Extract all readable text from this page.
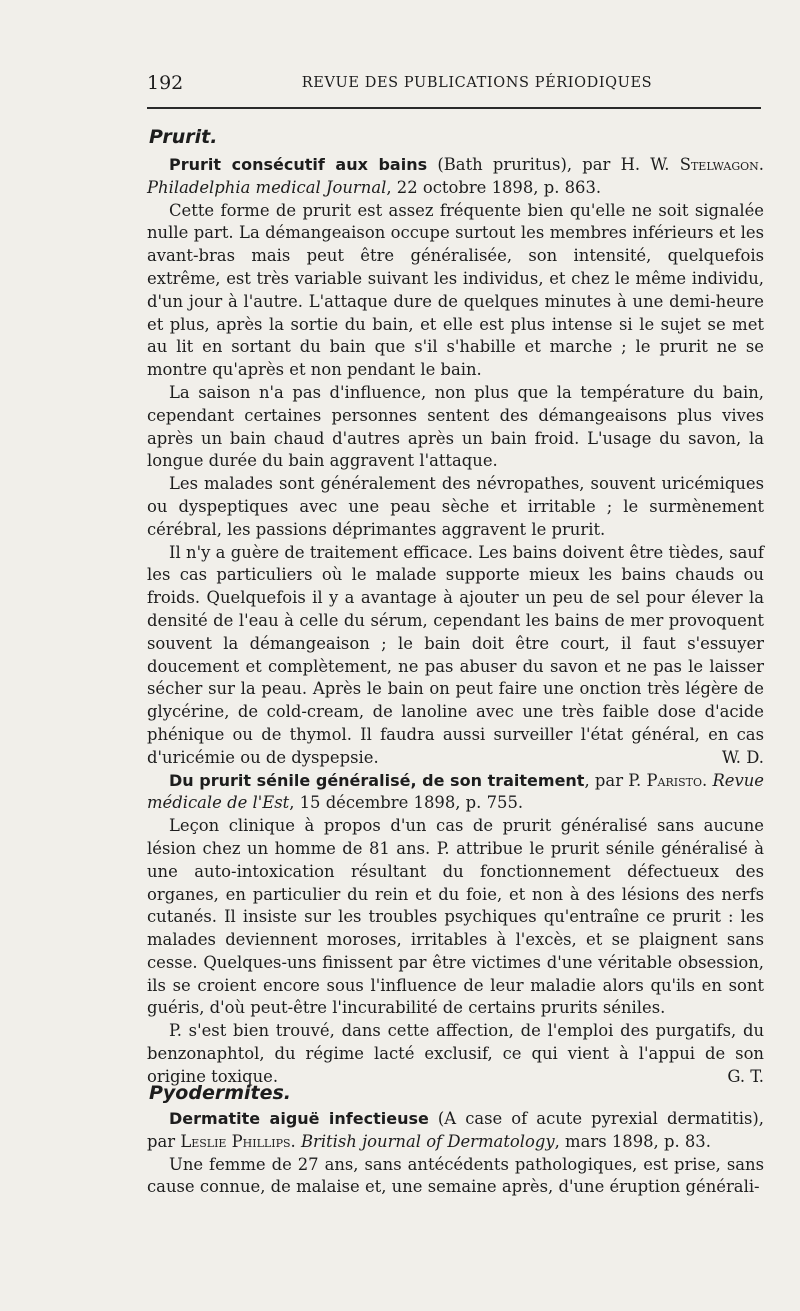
192	REVUE DES PUBLICATIONS PÉRIODIQUES
Prurit.

Prurit consécutif aux bains (Bath pruritus), par H. W. Stelwagon. Philadelphia medical Journal, 22 octobre 1898, p. 863.

Cette forme de prurit est assez fréquente bien qu'elle ne soit signalée nulle part. La démangeaison occupe surtout les membres inférieurs et les avant-bras mais peut être généralisée, son intensité, quelquefois extrême, est très variable suivant les individus, et chez le même individu, d'un jour à l'autre. L'attaque dure de quelques minutes à une demi-heure et plus, après la sortie du bain, et elle est plus intense si le sujet se met au lit en sortant du bain que s'il s'habille et marche ; le prurit ne se montre qu'après et non pendant le bain.

La saison n'a pas d'influence, non plus que la température du bain, cependant certaines personnes sentent des démangeaisons plus vives après un bain chaud d'autres après un bain froid. L'usage du savon, la longue durée du bain aggravent l'attaque.

Les malades sont généralement des névropathes, souvent uricémiques ou dyspeptiques avec une peau sèche et irritable ; le surmènement cérébral, les passions déprimantes aggravent le prurit.

Il n'y a guère de traitement efficace. Les bains doivent être tièdes, sauf les cas particuliers où le malade supporte mieux les bains chauds ou froids. Quelquefois il y a avantage à ajouter un peu de sel pour élever la densité de l'eau à celle du sérum, cependant les bains de mer provoquent souvent la démangeaison ; le bain doit être court, il faut s'essuyer doucement et complètement, ne pas abuser du savon et ne pas le laisser sécher sur la peau. Après le bain on peut faire une onction très légère de glycérine, de cold-cream, de lanoline avec une très faible dose d'acide phénique ou de thymol. Il faudra aussi surveiller l'état général, en cas d'uricémie ou de dyspepsie.	W. D.

Du prurit sénile généralisé, de son traitement, par P. Paristo. Revue médicale de l'Est, 15 décembre 1898, p. 755.

Leçon clinique à propos d'un cas de prurit généralisé sans aucune lésion chez un homme de 81 ans. P. attribue le prurit sénile généralisé à une auto-intoxication résultant du fonctionnement défectueux des organes, en particulier du rein et du foie, et non à des lésions des nerfs cutanés. Il insiste sur les troubles psychiques qu'entraîne ce prurit : les malades deviennent moroses, irritables à l'excès, et se plaignent sans cesse. Quelques-uns finissent par être victimes d'une véritable obsession, ils se croient encore sous l'influence de leur maladie alors qu'ils en sont guéris, d'où peut-être l'incurabilité de certains prurits séniles.

P. s'est bien trouvé, dans cette affection, de l'emploi des purgatifs, du benzonaphtol, du régime lacté exclusif, ce qui vient à l'appui de son origine toxique.	G. T.

Pyodermites.

Dermatite aiguë infectieuse (A case of acute pyrexial dermatitis), par Leslie Phillips. British journal of Dermatology, mars 1898, p. 83.

Une femme de 27 ans, sans antécédents pathologiques, est prise, sans cause connue, de malaise et, une semaine après, d'une éruption générali-
